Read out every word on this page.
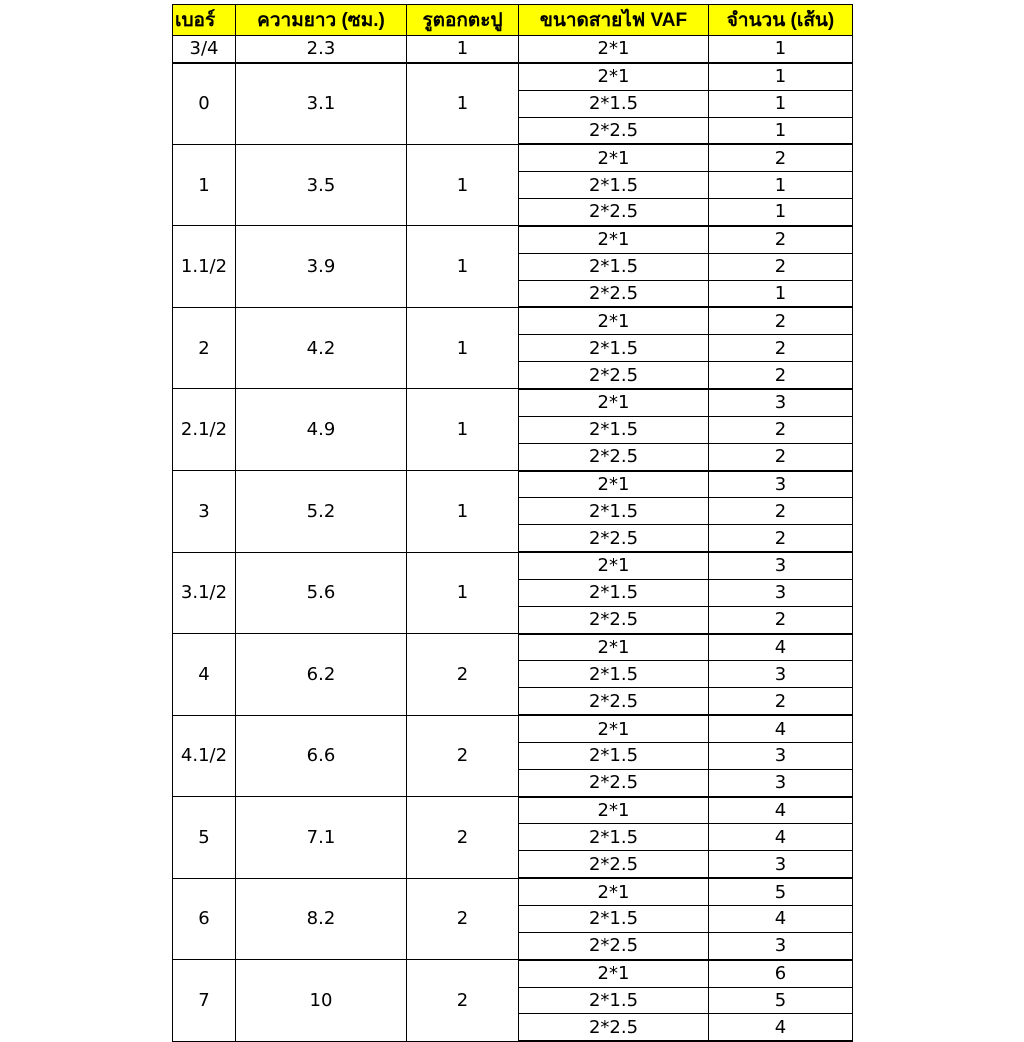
เบอร์	ความยาว (ซม.)	รูตอกตะปู	ขนาดสายไฟ VAF	จำนวน (เส้น)
3/4	2.3	1	2*1	1
0	3.1	1	2*1	1
			2*1.5	1
			2*2.5	1
1	3.5	1	2*1	2
			2*1.5	1
			2*2.5	1
1.1/2	3.9	1	2*1	2
			2*1.5	2
			2*2.5	1
2	4.2	1	2*1	2
			2*1.5	2
			2*2.5	2
2.1/2	4.9	1	2*1	3
			2*1.5	2
			2*2.5	2
3	5.2	1	2*1	3
			2*1.5	2
			2*2.5	2
3.1/2	5.6	1	2*1	3
			2*1.5	3
			2*2.5	2
4	6.2	2	2*1	4
			2*1.5	3
			2*2.5	2
4.1/2	6.6	2	2*1	4
			2*1.5	3
			2*2.5	3
5	7.1	2	2*1	4
			2*1.5	4
			2*2.5	3
6	8.2	2	2*1	5
			2*1.5	4
			2*2.5	3
7	10	2	2*1	6
			2*1.5	5
			2*2.5	4
